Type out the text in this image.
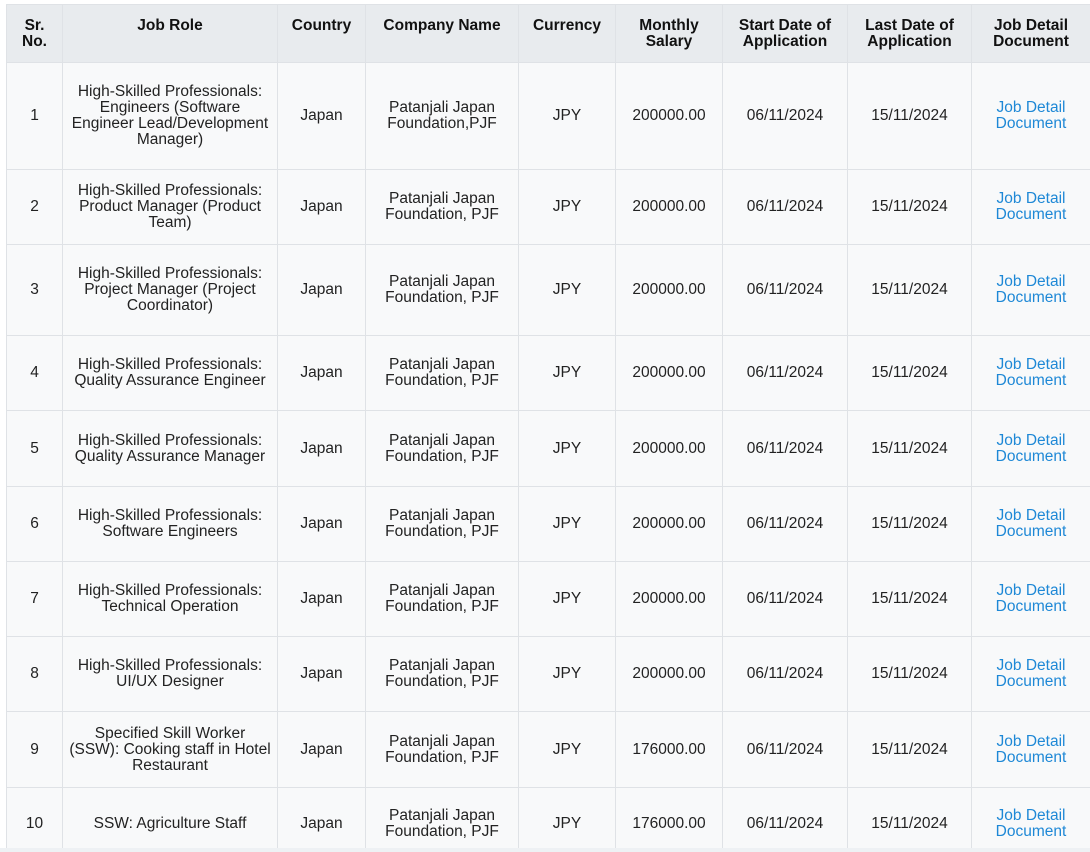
Sr. No.	Job Role	Country	Company Name	Currency	Monthly Salary	Start Date of Application	Last Date of Application	Job Detail Document
1	High-Skilled Professionals: Engineers (Software Engineer Lead/Development Manager)	Japan	Patanjali Japan Foundation,PJF	JPY	200000.00	06/11/2024	15/11/2024	Job Detail Document
2	High-Skilled Professionals: Product Manager (Product Team)	Japan	Patanjali Japan Foundation, PJF	JPY	200000.00	06/11/2024	15/11/2024	Job Detail Document
3	High-Skilled Professionals: Project Manager (Project Coordinator)	Japan	Patanjali Japan Foundation, PJF	JPY	200000.00	06/11/2024	15/11/2024	Job Detail Document
4	High-Skilled Professionals: Quality Assurance Engineer	Japan	Patanjali Japan Foundation, PJF	JPY	200000.00	06/11/2024	15/11/2024	Job Detail Document
5	High-Skilled Professionals: Quality Assurance Manager	Japan	Patanjali Japan Foundation, PJF	JPY	200000.00	06/11/2024	15/11/2024	Job Detail Document
6	High-Skilled Professionals: Software Engineers	Japan	Patanjali Japan Foundation, PJF	JPY	200000.00	06/11/2024	15/11/2024	Job Detail Document
7	High-Skilled Professionals: Technical Operation	Japan	Patanjali Japan Foundation, PJF	JPY	200000.00	06/11/2024	15/11/2024	Job Detail Document
8	High-Skilled Professionals: UI/UX Designer	Japan	Patanjali Japan Foundation, PJF	JPY	200000.00	06/11/2024	15/11/2024	Job Detail Document
9	Specified Skill Worker (SSW): Cooking staff in Hotel Restaurant	Japan	Patanjali Japan Foundation, PJF	JPY	176000.00	06/11/2024	15/11/2024	Job Detail Document
10	SSW: Agriculture Staff	Japan	Patanjali Japan Foundation, PJF	JPY	176000.00	06/11/2024	15/11/2024	Job Detail Document
